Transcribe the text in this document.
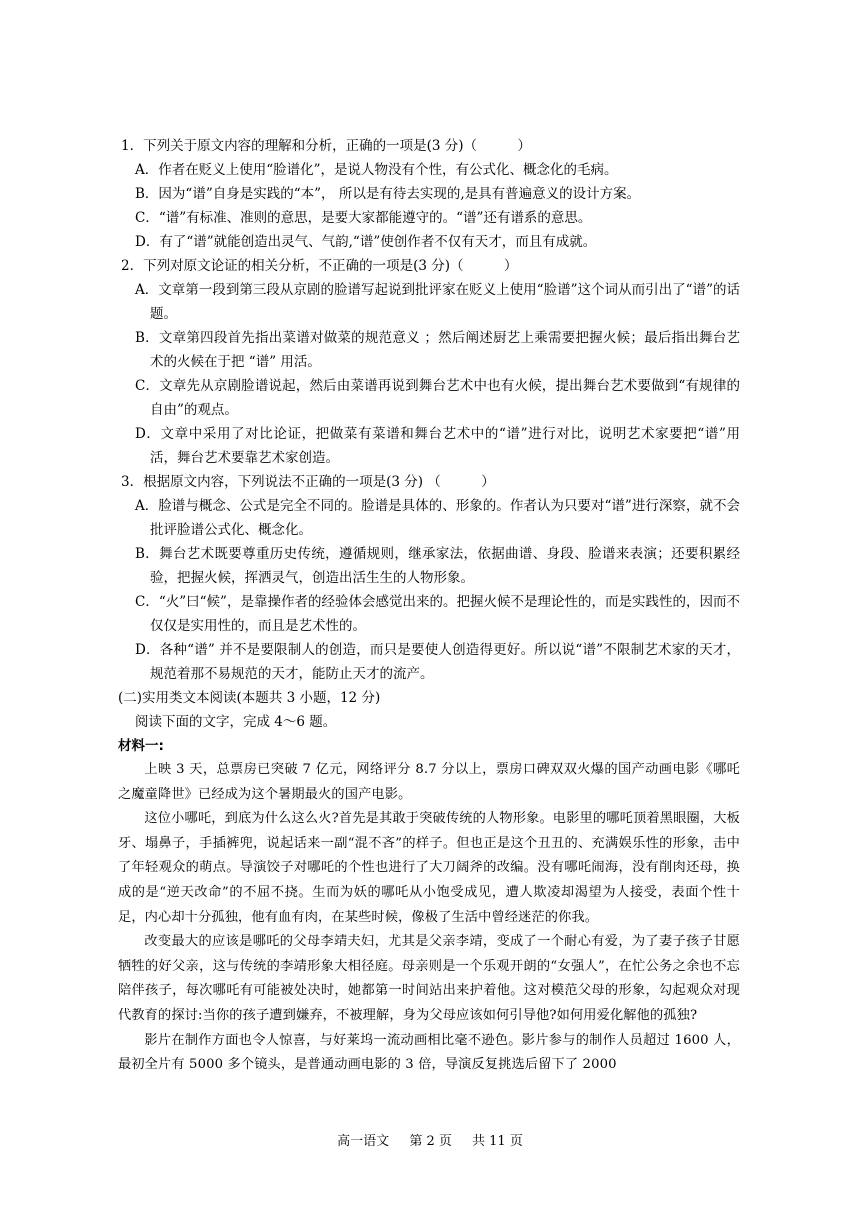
1．下列关于原文内容的理解和分析，正确的一项是(3 分)（　　　）
A．作者在贬义上使用“脸谱化”，是说人物没有个性，有公式化、概念化的毛病。
B．因为“谱”自身是实践的“本”， 所以是有待去实现的,是具有普遍意义的设计方案。
C．“谱”有标准、准则的意思，是要大家都能遵守的。“谱”还有谱系的意思。
D．有了“谱”就能创造出灵气、气韵,“谱”使创作者不仅有天才，而且有成就。
2．下列对原文论证的相关分析，不正确的一项是(3 分)（　　　）
A．文章第一段到第三段从京剧的脸谱写起说到批评家在贬义上使用“脸谱”这个词从而引出了“谱”的话题。
B．文章第四段首先指出菜谱对做菜的规范意义 ；然后阐述厨艺上乘需要把握火候；最后指出舞台艺术的火候在于把 “谱” 用活。
C．文章先从京剧脸谱说起，然后由菜谱再说到舞台艺术中也有火候，提出舞台艺术要做到“有规律的自由”的观点。
D．文章中采用了对比论证，把做菜有菜谱和舞台艺术中的“谱”进行对比，说明艺术家要把“谱”用活，舞台艺术要靠艺术家创造。
3．根据原文内容，下列说法不正确的一项是(3 分) （　　　）
A．脸谱与概念、公式是完全不同的。脸谱是具体的、形象的。作者认为只要对“谱”进行深察，就不会批评脸谱公式化、概念化。
B．舞台艺术既要尊重历史传统，遵循规则，继承家法，依据曲谱、身段、脸谱来表演；还要积累经验，把握火候，挥洒灵气，创造出活生生的人物形象。
C．“火”曰“候”，是靠操作者的经验体会感觉出来的。把握火候不是理论性的，而是实践性的，因而不仅仅是实用性的，而且是艺术性的。
D．各种“谱” 并不是要限制人的创造，而只是要使人创造得更好。所以说“谱”不限制艺术家的天才，规范着那不易规范的天才，能防止天才的流产。
(二)实用类文本阅读(本题共 3 小题，12 分)
阅读下面的文字，完成 4～6 题。
材料一:
上映 3 天，总票房已突破 7 亿元，网络评分 8.7 分以上，票房口碑双双火爆的国产动画电影《哪吒之魔童降世》已经成为这个暑期最火的国产电影。
这位小哪吒，到底为什么这么火?首先是其敢于突破传统的人物形象。电影里的哪吒顶着黑眼圈，大板牙、塌鼻子，手插裤兜，说起话来一副“混不吝”的样子。但也正是这个丑丑的、充满娱乐性的形象，击中了年轻观众的萌点。导演饺子对哪吒的个性也进行了大刀阔斧的改编。没有哪吒闹海，没有削肉还母，换成的是“逆天改命”的不屈不挠。生而为妖的哪吒从小饱受成见，遭人欺凌却渴望为人接受，表面个性十足，内心却十分孤独，他有血有肉，在某些时候，像极了生活中曾经迷茫的你我。
改变最大的应该是哪吒的父母李靖夫妇，尤其是父亲李靖，变成了一个耐心有爱，为了妻子孩子甘愿牺牲的好父亲，这与传统的李靖形象大相径庭。母亲则是一个乐观开朗的“女强人”，在忙公务之余也不忘陪伴孩子，每次哪吒有可能被处决时，她都第一时间站出来护着他。这对模范父母的形象，勾起观众对现代教育的探讨:当你的孩子遭到嫌弃，不被理解，身为父母应该如何引导他?如何用爱化解他的孤独?
影片在制作方面也令人惊喜，与好莱坞一流动画相比毫不逊色。影片参与的制作人员超过 1600 人，最初全片有 5000 多个镜头，是普通动画电影的 3 倍，导演反复挑选后留下了 2000
高一语文 第 2 页 共 11 页
